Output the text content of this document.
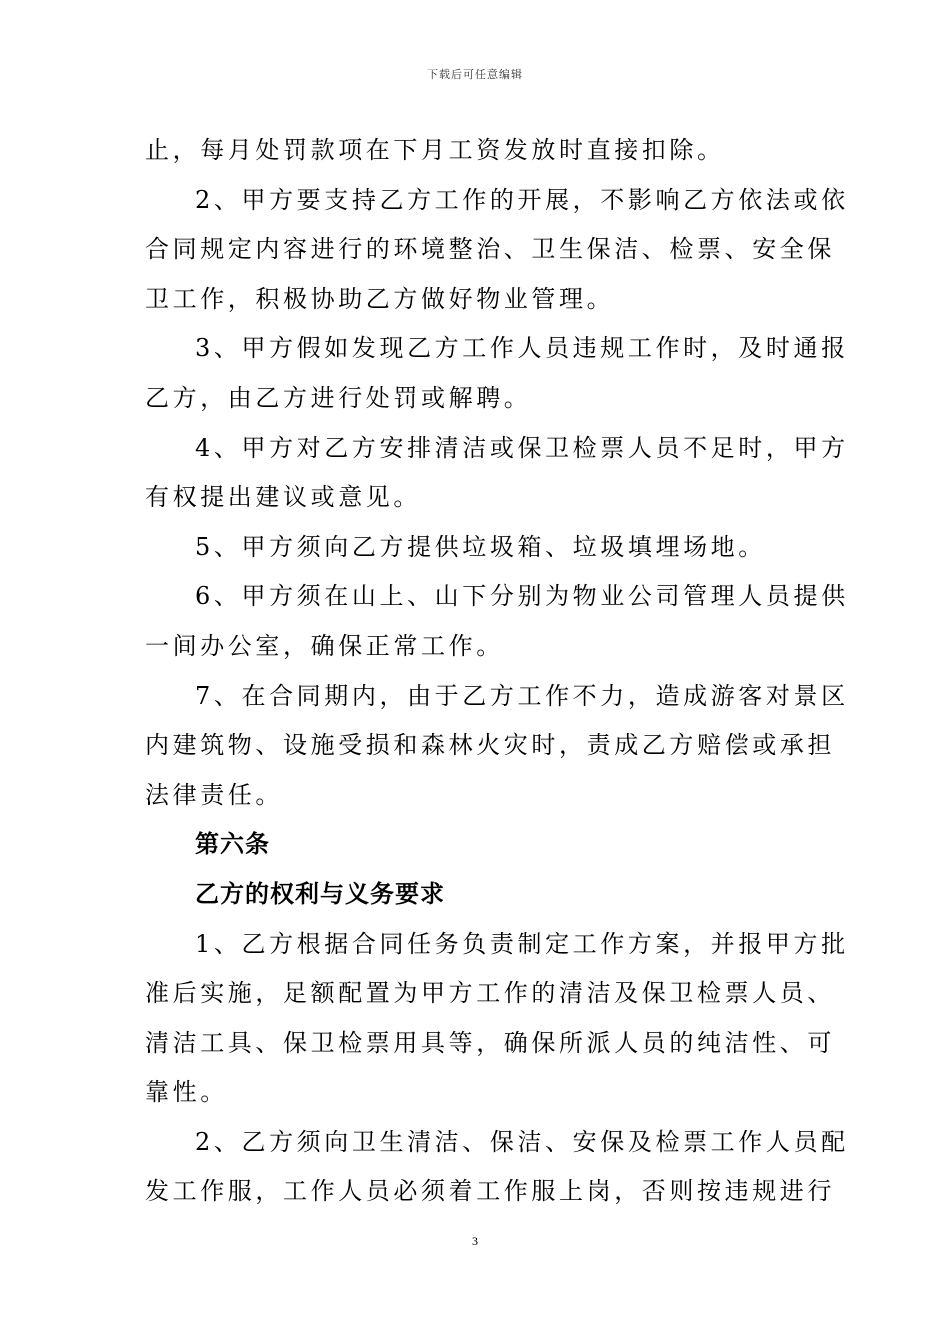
下载后可任意编辑
止，每月处罚款项在下月工资发放时直接扣除。
2、甲方要支持乙方工作的开展，不影响乙方依法或依
合同规定内容进行的环境整治、卫生保洁、检票、安全保
卫工作，积极协助乙方做好物业管理。
3、甲方假如发现乙方工作人员违规工作时，及时通报
乙方，由乙方进行处罚或解聘。
4、甲方对乙方安排清洁或保卫检票人员不足时，甲方
有权提出建议或意见。
5、甲方须向乙方提供垃圾箱、垃圾填埋场地。
6、甲方须在山上、山下分别为物业公司管理人员提供
一间办公室，确保正常工作。
7、在合同期内，由于乙方工作不力，造成游客对景区
内建筑物、设施受损和森林火灾时，责成乙方赔偿或承担
法律责任。
第六条
乙方的权利与义务要求
1、乙方根据合同任务负责制定工作方案，并报甲方批
准后实施，足额配置为甲方工作的清洁及保卫检票人员、
清洁工具、保卫检票用具等，确保所派人员的纯洁性、可
靠性。
2、乙方须向卫生清洁、保洁、安保及检票工作人员配
发工作服，工作人员必须着工作服上岗，否则按违规进行
3
